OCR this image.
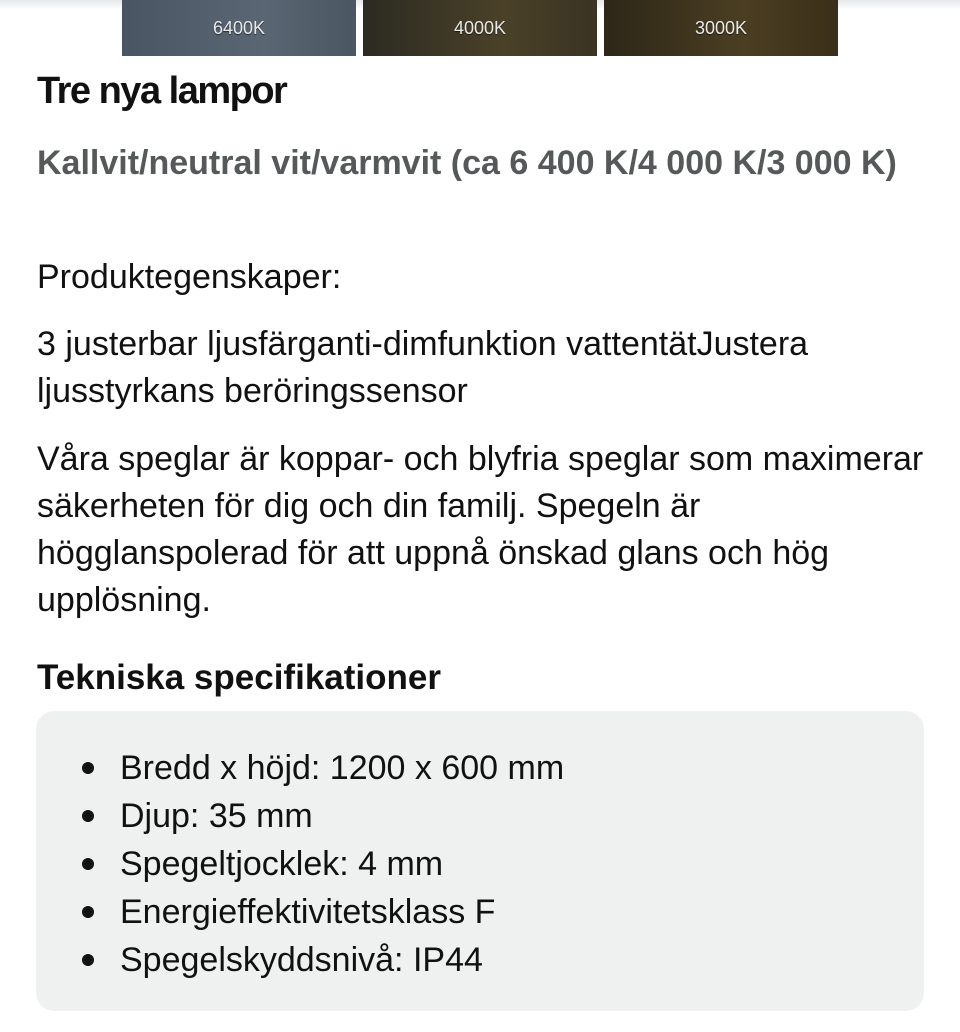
6400K	4000K	3000K
Tre nya lampor

Kallvit/neutral vit/varmvit (ca 6 400 K/4 000 K/3 000 K)

Produktegenskaper:

3 justerbar ljusfärganti-dimfunktion vattentätJustera ljusstyrkans beröringssensor

Våra speglar är koppar- och blyfria speglar som maximerar säkerheten för dig och din familj. Spegeln är högglanspolerad för att uppnå önskad glans och hög upplösning.

Tekniska specifikationer
Bredd x höjd: 1200 x 600 mm
Djup: 35 mm
Spegeltjocklek: 4 mm
Energieffektivitetsklass F
Spegelskyddsnivå: IP44
